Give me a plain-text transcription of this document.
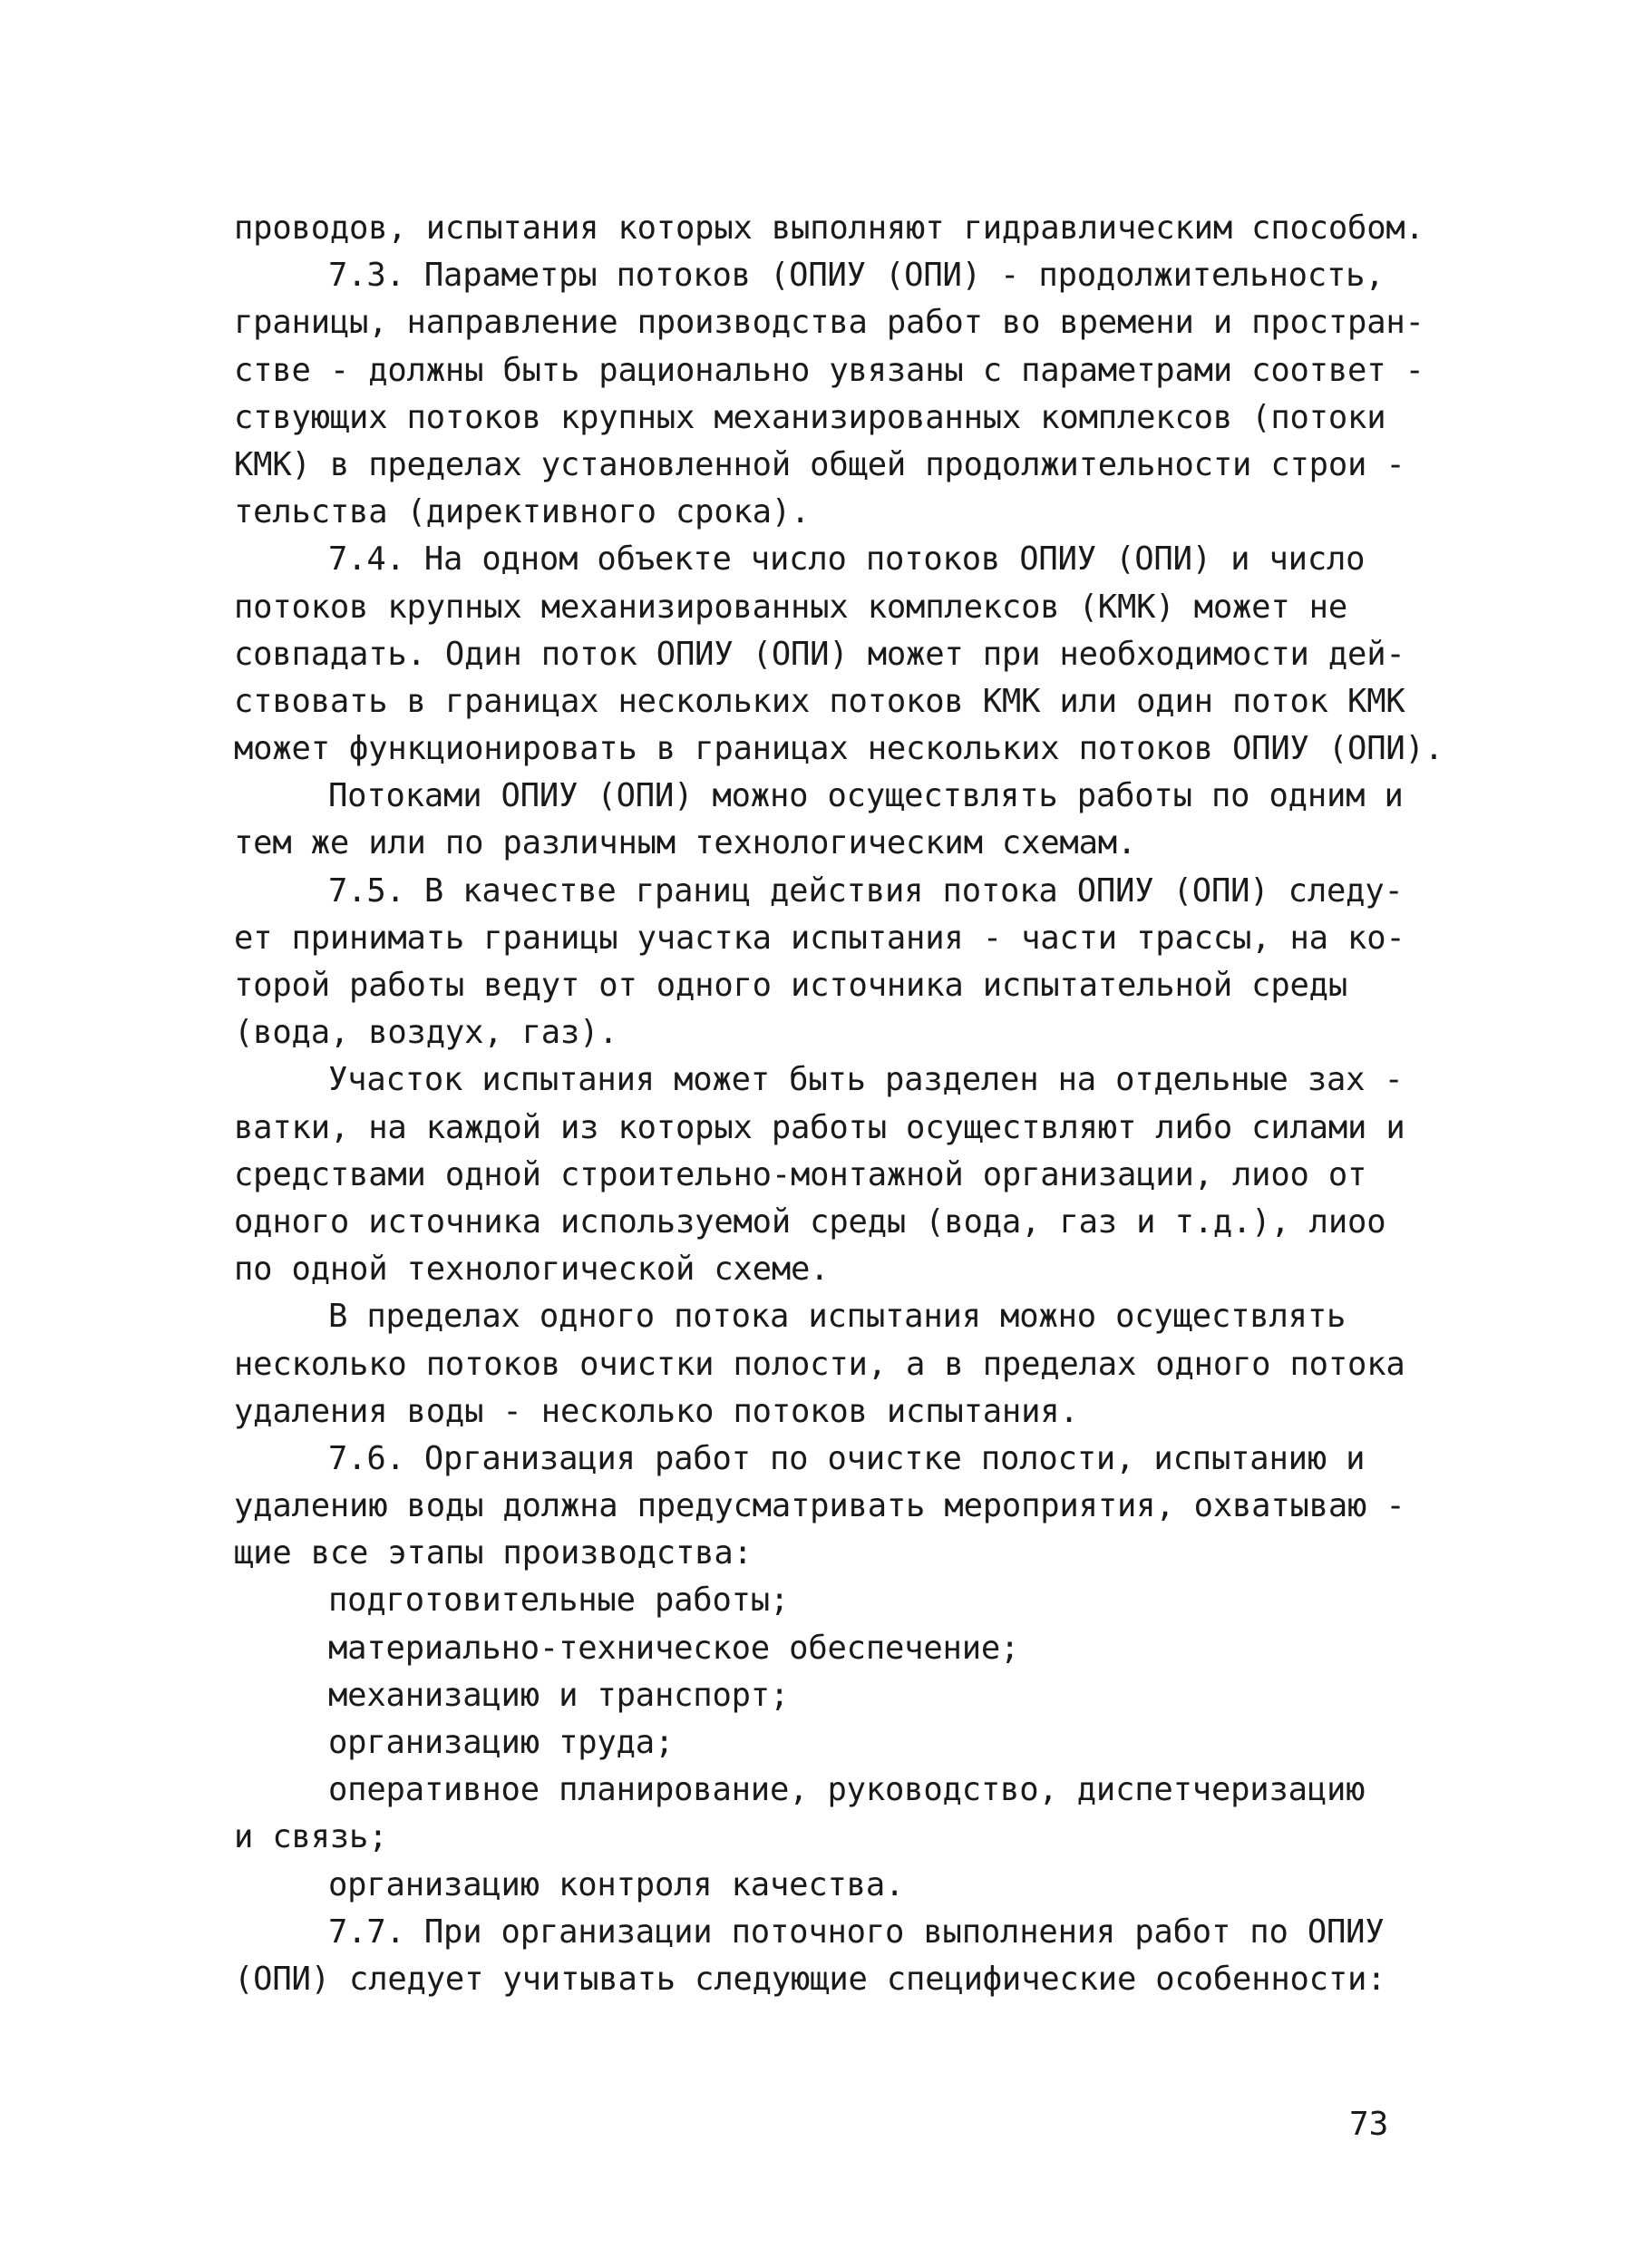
проводов, испытания которых выполняют гидравлическим способом.
7.3. Параметры потоков (ОПИУ (ОПИ) - продолжительность,
границы, направление производства работ во времени и простран-
стве - должны быть рационально увязаны с параметрами соответ -
ствующих потоков крупных механизированных комплексов (потоки
КМК) в пределах установленной общей продолжительности строи -
тельства (директивного срока).
7.4. На одном объекте число потоков ОПИУ (ОПИ) и число
потоков крупных механизированных комплексов (КМК) может не
совпадать. Один поток ОПИУ (ОПИ) может при необходимости дей-
ствовать в границах нескольких потоков КМК или один поток КМК
может функционировать в границах нескольких потоков ОПИУ (ОПИ).
Потоками ОПИУ (ОПИ) можно осуществлять работы по одним и
тем же или по различным технологическим схемам.
7.5. В качестве границ действия потока ОПИУ (ОПИ) следу-
ет принимать границы участка испытания - части трассы, на ко-
торой работы ведут от одного источника испытательной среды
(вода, воздух, газ).
Участок испытания может быть разделен на отдельные зах -
ватки, на каждой из которых работы осуществляют либо силами и
средствами одной строительно-монтажной организации, лиоо от
одного источника используемой среды (вода, газ и т.д.), лиоо
по одной технологической схеме.
В пределах одного потока испытания можно осуществлять
несколько потоков очистки полости, а в пределах одного потока
удаления воды - несколько потоков испытания.
7.6. Организация работ по очистке полости, испытанию и
удалению воды должна предусматривать мероприятия, охватываю -
щие все этапы производства:
подготовительные работы;
материально-техническое обеспечение;
механизацию и транспорт;
организацию труда;
оперативное планирование, руководство, диспетчеризацию
и связь;
организацию контроля качества.
7.7. При организации поточного выполнения работ по ОПИУ
(ОПИ) следует учитывать следующие специфические особенности:
73
